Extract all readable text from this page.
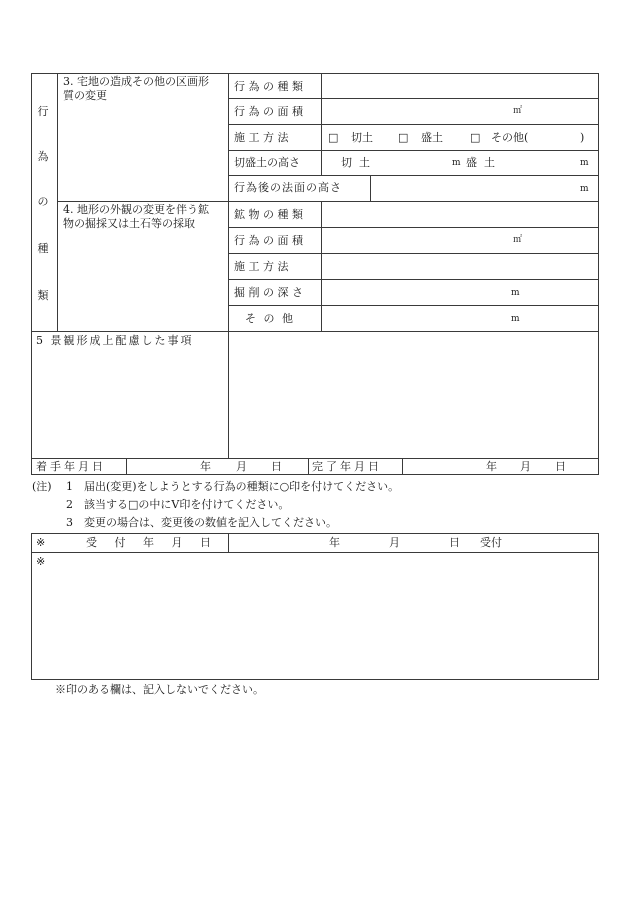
行
為
の
種
類
3. 宅地の造成その他の区画形
質の変更
行 為 の 種 類
行 為 の 面 積	㎡
施 工 方 法	□ 切土 □ 盛土 □ その他(	)
切盛土の高さ	切  土	m 盛  土	m
行為後の法面の高さ	m
4. 地形の外観の変更を伴う鉱
物の掘採又は土石等の採取
鉱 物 の 種 類
行 為 の 面 積	㎡
施 工 方 法
掘 削 の 深 さ	m
そ の 他	m
5 景観形成上配慮した事項
着手年月日	年 月 日	完了年月日	年 月 日
(注) 1 届出(変更)をしようとする行為の種類に○印を付けてください。
2 該当する□の中にV印を付けてください。
3 変更の場合は、変更後の数値を記入してください。
※	受 付 年 月 日	年	月	日 受付
※
※印のある欄は、記入しないでください。
